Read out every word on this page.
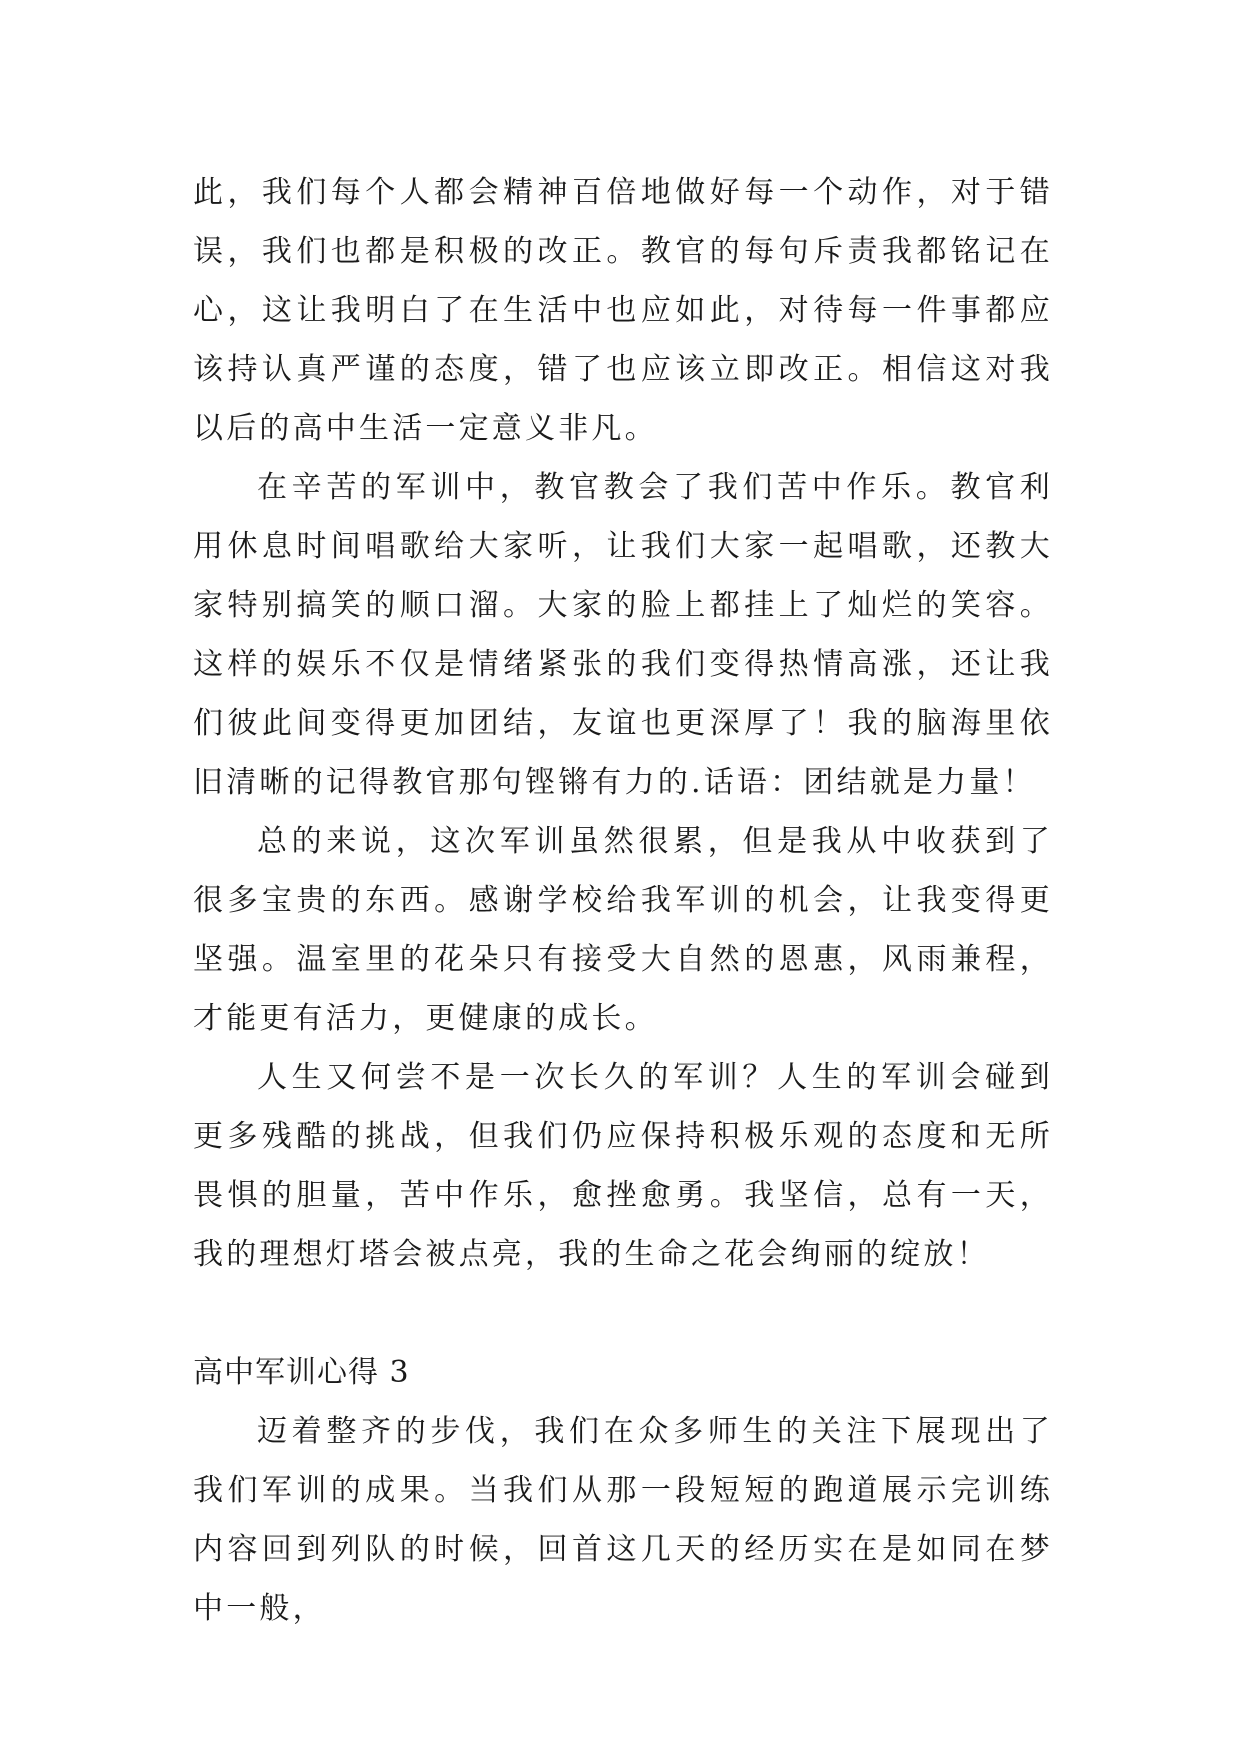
此，我们每个人都会精神百倍地做好每一个动作，对于错误，我们也都是积极的改正。教官的每句斥责我都铭记在心，这让我明白了在生活中也应如此，对待每一件事都应该持认真严谨的态度，错了也应该立即改正。相信这对我以后的高中生活一定意义非凡。

在辛苦的军训中，教官教会了我们苦中作乐。教官利用休息时间唱歌给大家听，让我们大家一起唱歌，还教大家特别搞笑的顺口溜。大家的脸上都挂上了灿烂的笑容。这样的娱乐不仅是情绪紧张的我们变得热情高涨，还让我们彼此间变得更加团结，友谊也更深厚了！我的脑海里依旧清晰的记得教官那句铿锵有力的.话语：团结就是力量！

总的来说，这次军训虽然很累，但是我从中收获到了很多宝贵的东西。感谢学校给我军训的机会，让我变得更坚强。温室里的花朵只有接受大自然的恩惠，风雨兼程，才能更有活力，更健康的成长。

人生又何尝不是一次长久的军训？人生的军训会碰到更多残酷的挑战，但我们仍应保持积极乐观的态度和无所畏惧的胆量，苦中作乐，愈挫愈勇。我坚信，总有一天，我的理想灯塔会被点亮，我的生命之花会绚丽的绽放！

高中军训心得 3

迈着整齐的步伐，我们在众多师生的关注下展现出了我们军训的成果。当我们从那一段短短的跑道展示完训练内容回到列队的时候，回首这几天的经历实在是如同在梦中一般，
